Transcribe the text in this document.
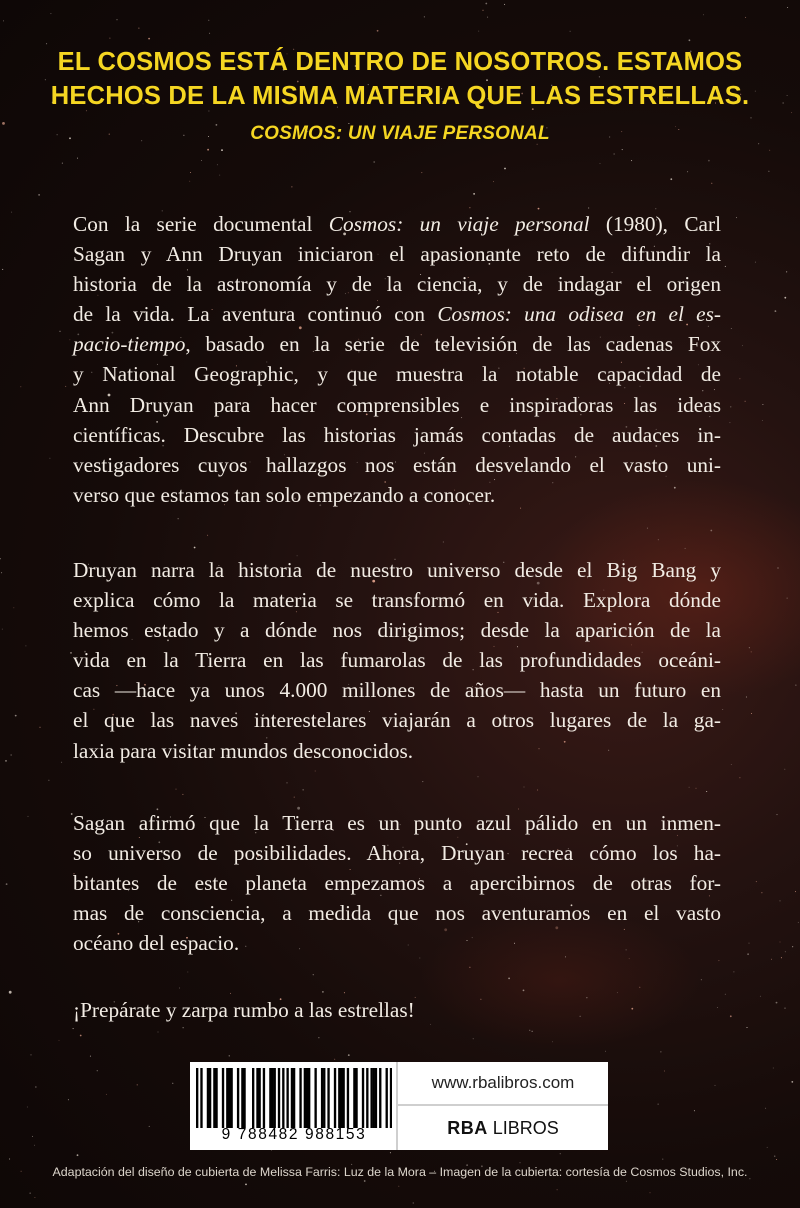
EL COSMOS ESTÁ DENTRO DE NOSOTROS. ESTAMOS
HECHOS DE LA MISMA MATERIA QUE LAS ESTRELLAS.
COSMOS: UN VIAJE PERSONAL
Con la serie documental Cosmos: un viaje personal (1980), Carl
Sagan y Ann Druyan iniciaron el apasionante reto de difundir la
historia de la astronomía y de la ciencia, y de indagar el origen
de la vida. La aventura continuó con Cosmos: una odisea en el es-
pacio-tiempo, basado en la serie de televisión de las cadenas Fox
y National Geographic, y que muestra la notable capacidad de
Ann Druyan para hacer comprensibles e inspiradoras las ideas
científicas. Descubre las historias jamás contadas de audaces in-
vestigadores cuyos hallazgos nos están desvelando el vasto uni-
verso que estamos tan solo empezando a conocer.
Druyan narra la historia de nuestro universo desde el Big Bang y
explica cómo la materia se transformó en vida. Explora dónde
hemos estado y a dónde nos dirigimos; desde la aparición de la
vida en la Tierra en las fumarolas de las profundidades oceáni-
cas —hace ya unos 4.000 millones de años— hasta un futuro en
el que las naves interestelares viajarán a otros lugares de la ga-
laxia para visitar mundos desconocidos.
Sagan afirmó que la Tierra es un punto azul pálido en un inmen-
so universo de posibilidades. Ahora, Druyan recrea cómo los ha-
bitantes de este planeta empezamos a apercibirnos de otras for-
mas de consciencia, a medida que nos aventuramos en el vasto
océano del espacio.
¡Prepárate y zarpa rumbo a las estrellas!
9 788482 988153
www.rbalibros.com
RBA LIBROS
Adaptación del diseño de cubierta de Melissa Farris: Luz de la Mora – Imagen de la cubierta: cortesía de Cosmos Studios, Inc.
